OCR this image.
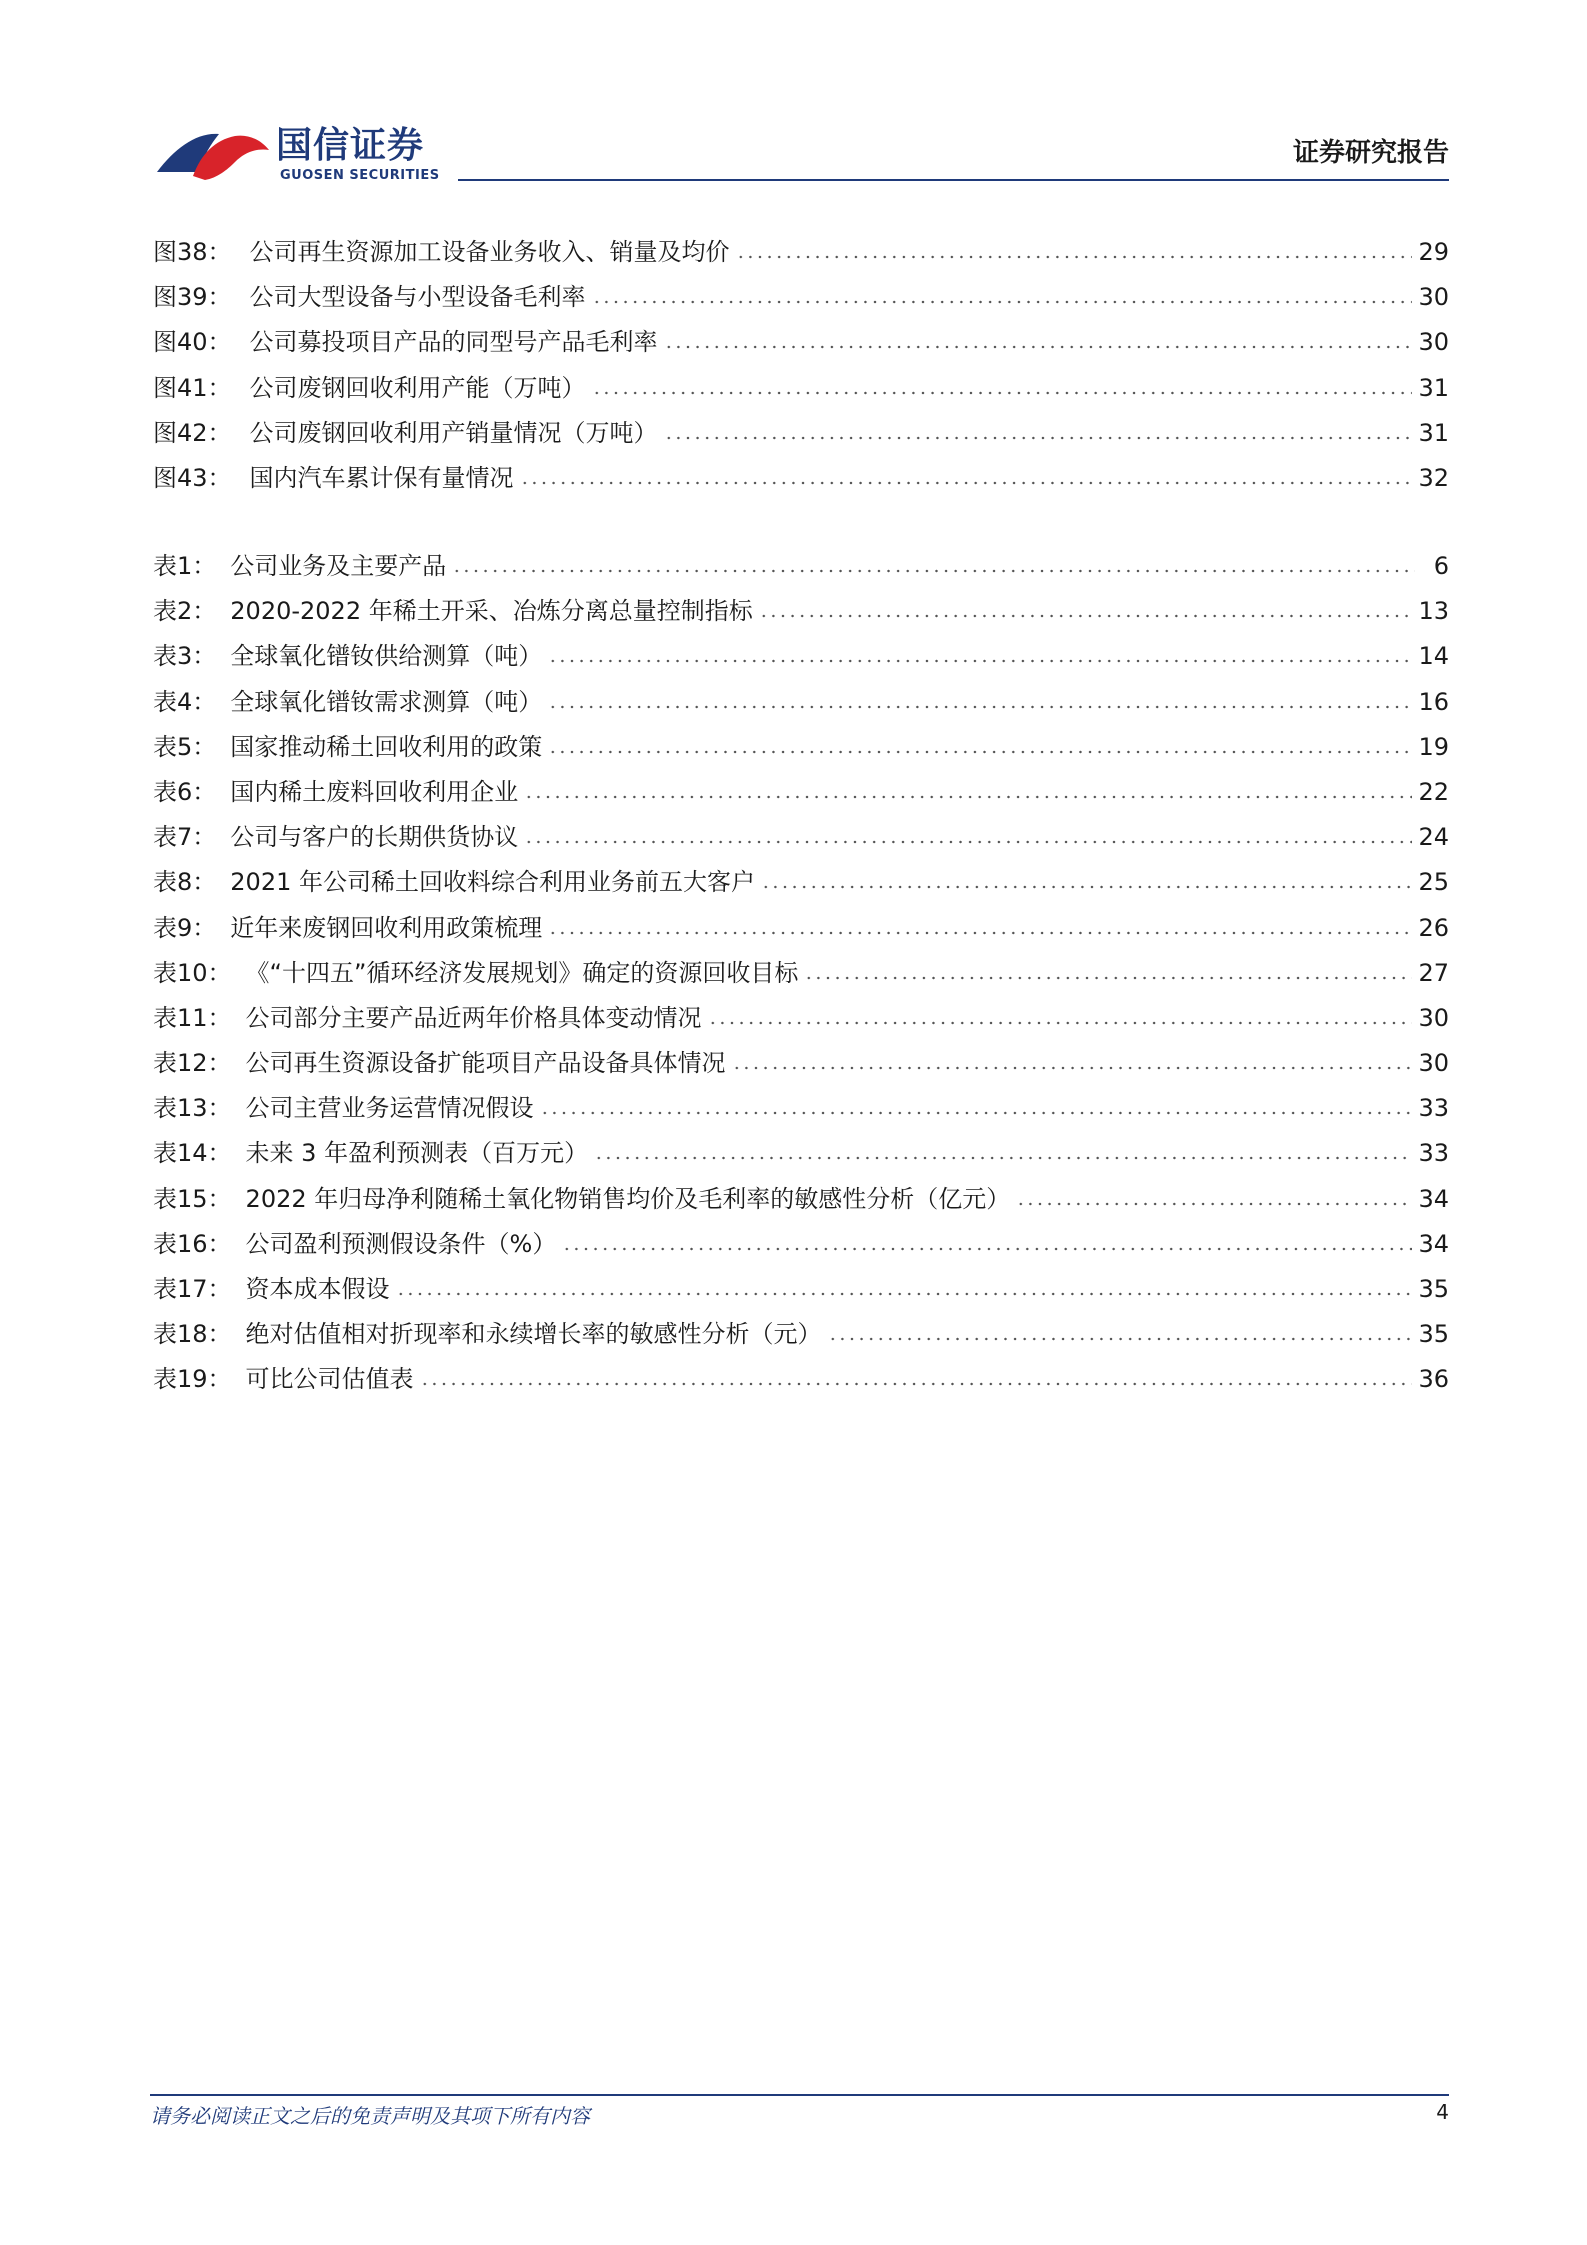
国信证券
GUOSEN SECURITIES
证券研究报告
图38： 公司再生资源加工设备业务收入、销量及均价	29
图39： 公司大型设备与小型设备毛利率	30
图40： 公司募投项目产品的同型号产品毛利率	30
图41： 公司废钢回收利用产能（万吨）	31
图42： 公司废钢回收利用产销量情况（万吨）	31
图43： 国内汽车累计保有量情况	32
表1： 公司业务及主要产品	6
表2： 2020-2022 年稀土开采、冶炼分离总量控制指标	13
表3： 全球氧化镨钕供给测算（吨）	14
表4： 全球氧化镨钕需求测算（吨）	16
表5： 国家推动稀土回收利用的政策	19
表6： 国内稀土废料回收利用企业	22
表7： 公司与客户的长期供货协议	24
表8： 2021 年公司稀土回收料综合利用业务前五大客户	25
表9： 近年来废钢回收利用政策梳理	26
表10： 《“十四五”循环经济发展规划》确定的资源回收目标	27
表11： 公司部分主要产品近两年价格具体变动情况	30
表12： 公司再生资源设备扩能项目产品设备具体情况	30
表13： 公司主营业务运营情况假设	33
表14： 未来 3 年盈利预测表（百万元）	33
表15： 2022 年归母净利随稀土氧化物销售均价及毛利率的敏感性分析（亿元）	34
表16： 公司盈利预测假设条件（%）	34
表17： 资本成本假设	35
表18： 绝对估值相对折现率和永续增长率的敏感性分析（元）	35
表19： 可比公司估值表	36
请务必阅读正文之后的免责声明及其项下所有内容	4
